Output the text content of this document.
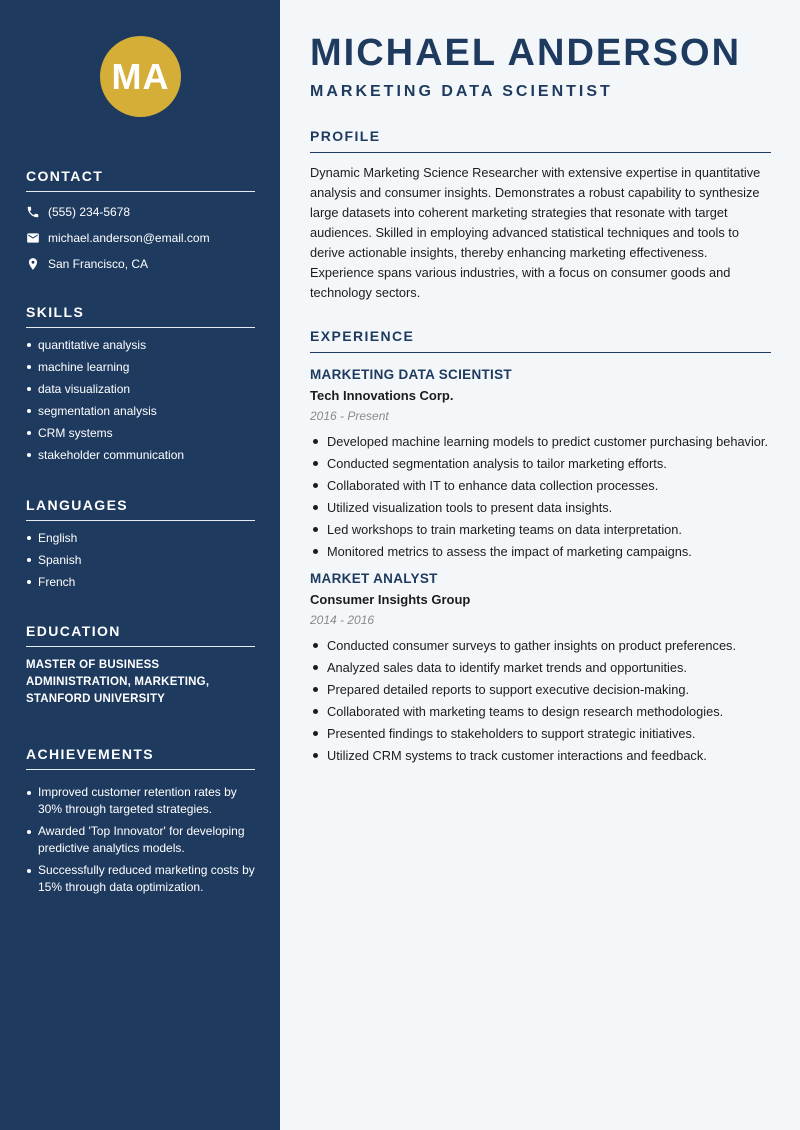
MA
CONTACT
(555) 234-5678
michael.anderson@email.com
San Francisco, CA
SKILLS
quantitative analysis
machine learning
data visualization
segmentation analysis
CRM systems
stakeholder communication
LANGUAGES
English
Spanish
French
EDUCATION
MASTER OF BUSINESS ADMINISTRATION, MARKETING, STANFORD UNIVERSITY
ACHIEVEMENTS
Improved customer retention rates by 30% through targeted strategies.
Awarded 'Top Innovator' for developing predictive analytics models.
Successfully reduced marketing costs by 15% through data optimization.
MICHAEL ANDERSON
MARKETING DATA SCIENTIST
PROFILE

Dynamic Marketing Science Researcher with extensive expertise in quantitative analysis and consumer insights. Demonstrates a robust capability to synthesize large datasets into coherent marketing strategies that resonate with target audiences. Skilled in employing advanced statistical techniques and tools to derive actionable insights, thereby enhancing marketing effectiveness. Experience spans various industries, with a focus on consumer goods and technology sectors.

EXPERIENCE
MARKETING DATA SCIENTIST
Tech Innovations Corp.
2016 - Present
Developed machine learning models to predict customer purchasing behavior.
Conducted segmentation analysis to tailor marketing efforts.
Collaborated with IT to enhance data collection processes.
Utilized visualization tools to present data insights.
Led workshops to train marketing teams on data interpretation.
Monitored metrics to assess the impact of marketing campaigns.
MARKET ANALYST
Consumer Insights Group
2014 - 2016
Conducted consumer surveys to gather insights on product preferences.
Analyzed sales data to identify market trends and opportunities.
Prepared detailed reports to support executive decision-making.
Collaborated with marketing teams to design research methodologies.
Presented findings to stakeholders to support strategic initiatives.
Utilized CRM systems to track customer interactions and feedback.
